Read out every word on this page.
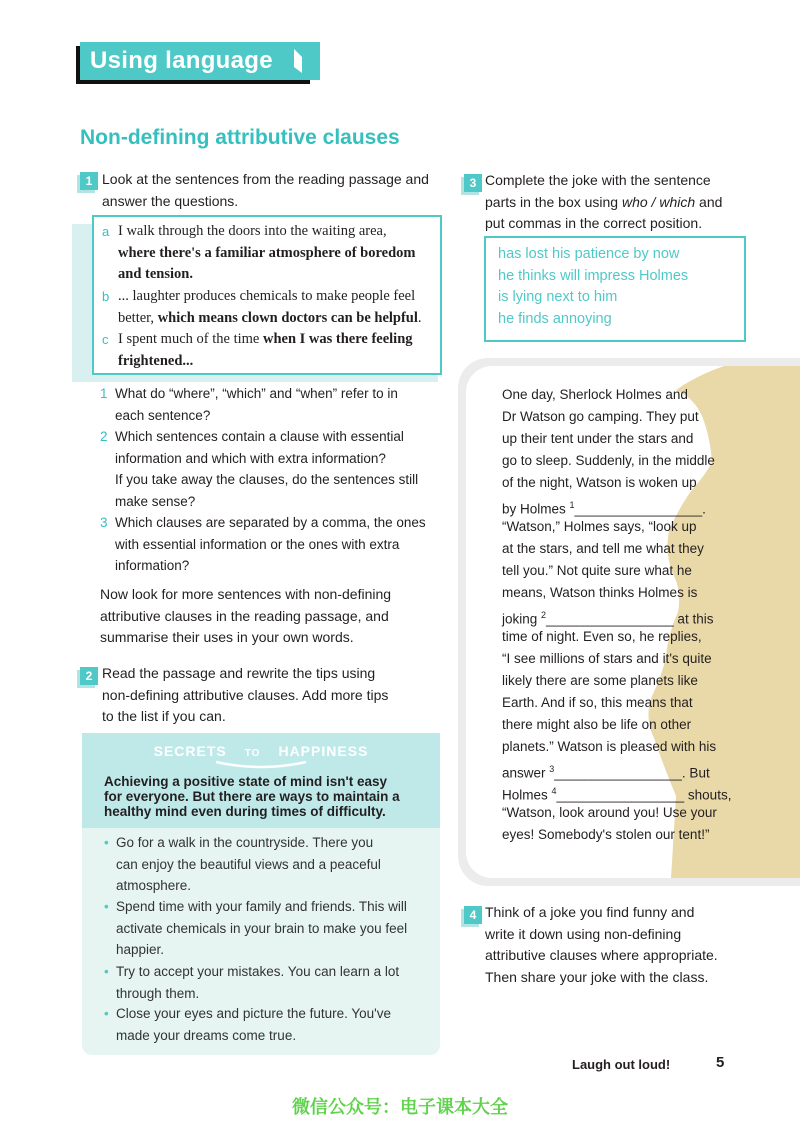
Using language
Non-defining attributive clauses
1 Look at the sentences from the reading passage and
answer the questions.
a I walk through the doors into the waiting area,
where there's a familiar atmosphere of boredom
and tension.
b ... laughter produces chemicals to make people feel
better, which means clown doctors can be helpful.
c I spent much of the time when I was there feeling
frightened...
1 What do “where”, “which” and “when” refer to in
each sentence?
2 Which sentences contain a clause with essential
information and which with extra information?
If you take away the clauses, do the sentences still
make sense?
3 Which clauses are separated by a comma, the ones
with essential information or the ones with extra
information?
Now look for more sentences with non-defining
attributive clauses in the reading passage, and
summarise their uses in your own words.
2 Read the passage and rewrite the tips using
non-defining attributive clauses. Add more tips
to the list if you can.
SECRETS TO HAPPINESS
Achieving a positive state of mind isn't easy
for everyone. But there are ways to maintain a
healthy mind even during times of difficulty.
• Go for a walk in the countryside. There you
can enjoy the beautiful views and a peaceful
atmosphere.
• Spend time with your family and friends. This will
activate chemicals in your brain to make you feel
happier.
• Try to accept your mistakes. You can learn a lot
through them.
• Close your eyes and picture the future. You've
made your dreams come true.
3 Complete the joke with the sentence
parts in the box using who / which and
put commas in the correct position.
has lost his patience by now
he thinks will impress Holmes
is lying next to him
he finds annoying
One day, Sherlock Holmes and
Dr Watson go camping. They put
up their tent under the stars and
go to sleep. Suddenly, in the middle
of the night, Watson is woken up
by Holmes $^1$_________________.
“Watson,” Holmes says, “look up
at the stars, and tell me what they
tell you.” Not quite sure what he
means, Watson thinks Holmes is
joking $^2$_________________ at this
time of night. Even so, he replies,
“I see millions of stars and it's quite
likely there are some planets like
Earth. And if so, this means that
there might also be life on other
planets.” Watson is pleased with his
answer $^3$_________________. But
Holmes $^4$_________________ shouts,
“Watson, look around you! Use your
eyes! Somebody's stolen our tent!”
4 Think of a joke you find funny and
write it down using non-defining
attributive clauses where appropriate.
Then share your joke with the class.
Laugh out loud!	5
微信公众号：电子课本大全
